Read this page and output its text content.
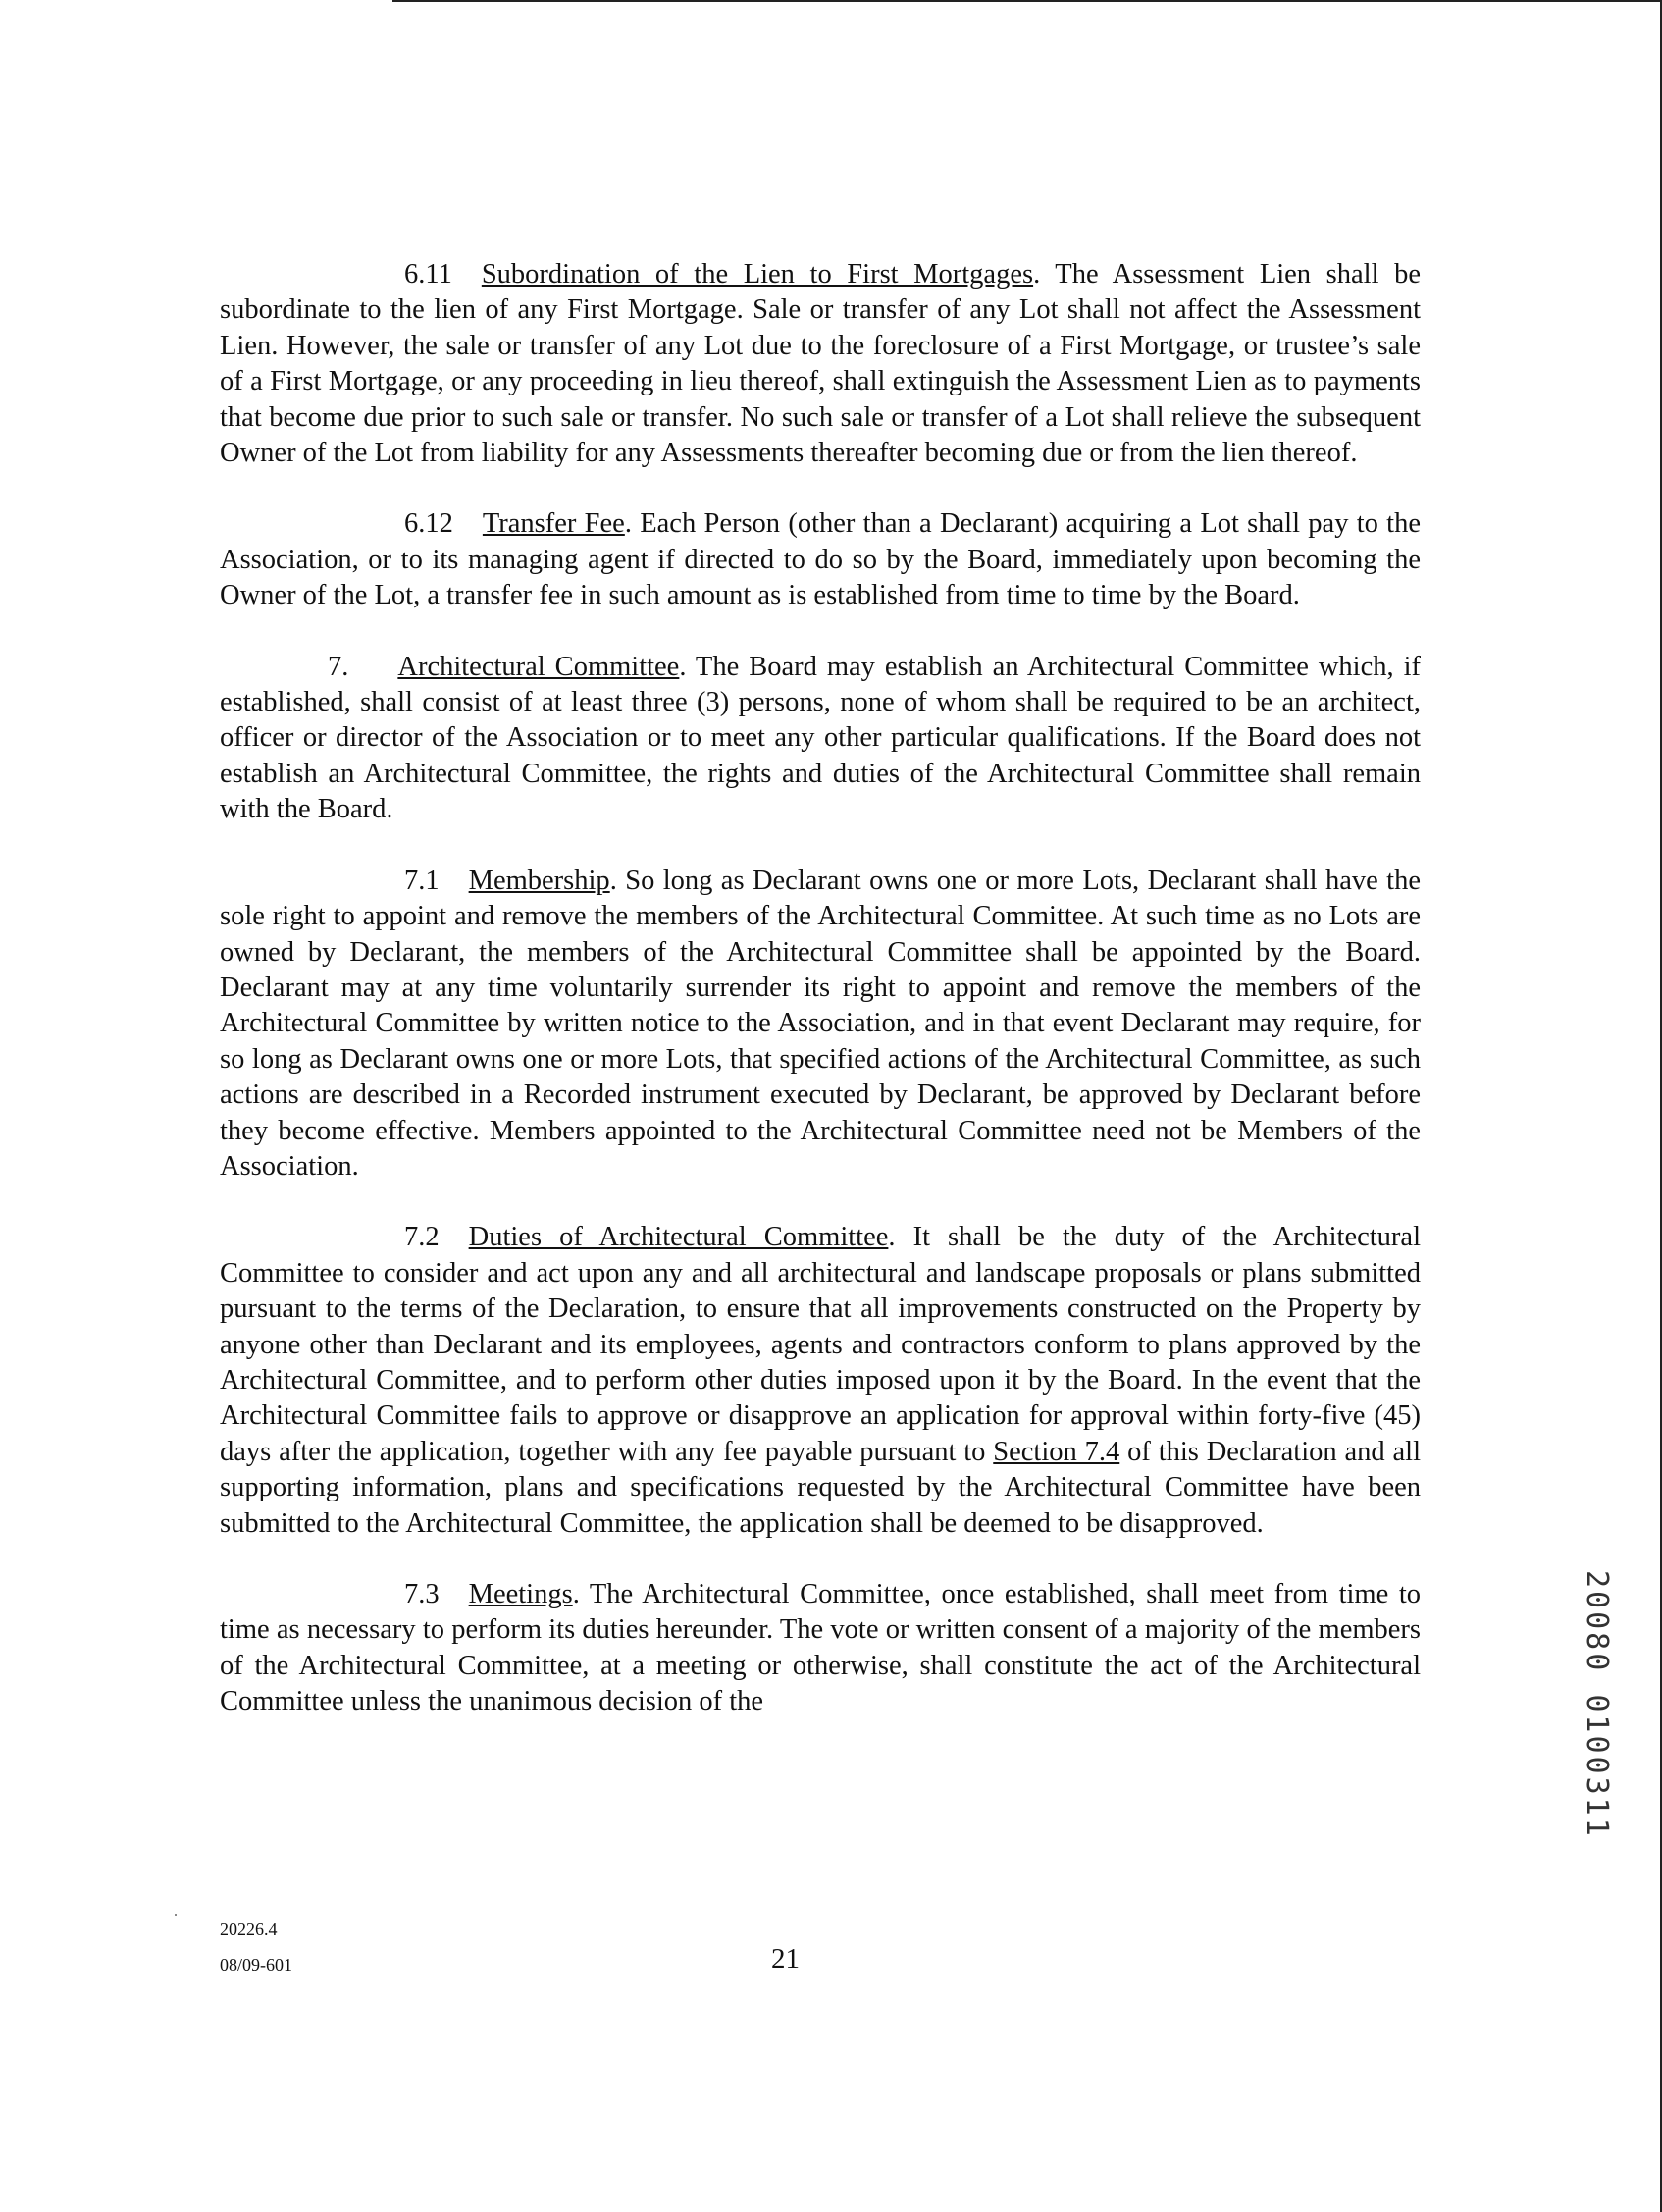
6.11 Subordination of the Lien to First Mortgages. The Assessment Lien shall be subordinate to the lien of any First Mortgage. Sale or transfer of any Lot shall not affect the Assessment Lien. However, the sale or transfer of any Lot due to the foreclosure of a First Mortgage, or trustee’s sale of a First Mortgage, or any proceeding in lieu thereof, shall extinguish the Assessment Lien as to payments that become due prior to such sale or transfer. No such sale or transfer of a Lot shall relieve the subsequent Owner of the Lot from liability for any Assessments thereafter becoming due or from the lien thereof.

6.12 Transfer Fee. Each Person (other than a Declarant) acquiring a Lot shall pay to the Association, or to its managing agent if directed to do so by the Board, immediately upon becoming the Owner of the Lot, a transfer fee in such amount as is established from time to time by the Board.

7. Architectural Committee. The Board may establish an Architectural Committee which, if established, shall consist of at least three (3) persons, none of whom shall be required to be an architect, officer or director of the Association or to meet any other particular qualifications. If the Board does not establish an Architectural Committee, the rights and duties of the Architectural Committee shall remain with the Board.

7.1 Membership. So long as Declarant owns one or more Lots, Declarant shall have the sole right to appoint and remove the members of the Architectural Committee. At such time as no Lots are owned by Declarant, the members of the Architectural Committee shall be appointed by the Board. Declarant may at any time voluntarily surrender its right to appoint and remove the members of the Architectural Committee by written notice to the Association, and in that event Declarant may require, for so long as Declarant owns one or more Lots, that specified actions of the Architectural Committee, as such actions are described in a Recorded instrument executed by Declarant, be approved by Declarant before they become effective. Members appointed to the Architectural Committee need not be Members of the Association.

7.2 Duties of Architectural Committee. It shall be the duty of the Architectural Committee to consider and act upon any and all architectural and landscape proposals or plans submitted pursuant to the terms of the Declaration, to ensure that all improvements constructed on the Property by anyone other than Declarant and its employees, agents and contractors conform to plans approved by the Architectural Committee, and to perform other duties imposed upon it by the Board. In the event that the Architectural Committee fails to approve or disapprove an application for approval within forty-five (45) days after the application, together with any fee payable pursuant to Section 7.4 of this Declaration and all supporting information, plans and specifications requested by the Architectural Committee have been submitted to the Architectural Committee, the application shall be deemed to be disapproved.

7.3 Meetings. The Architectural Committee, once established, shall meet from time to time as necessary to perform its duties hereunder. The vote or written consent of a majority of the members of the Architectural Committee, at a meeting or otherwise, shall constitute the act of the Architectural Committee unless the unanimous decision of the

20226.4
08/09-601	21
20080 0100311
